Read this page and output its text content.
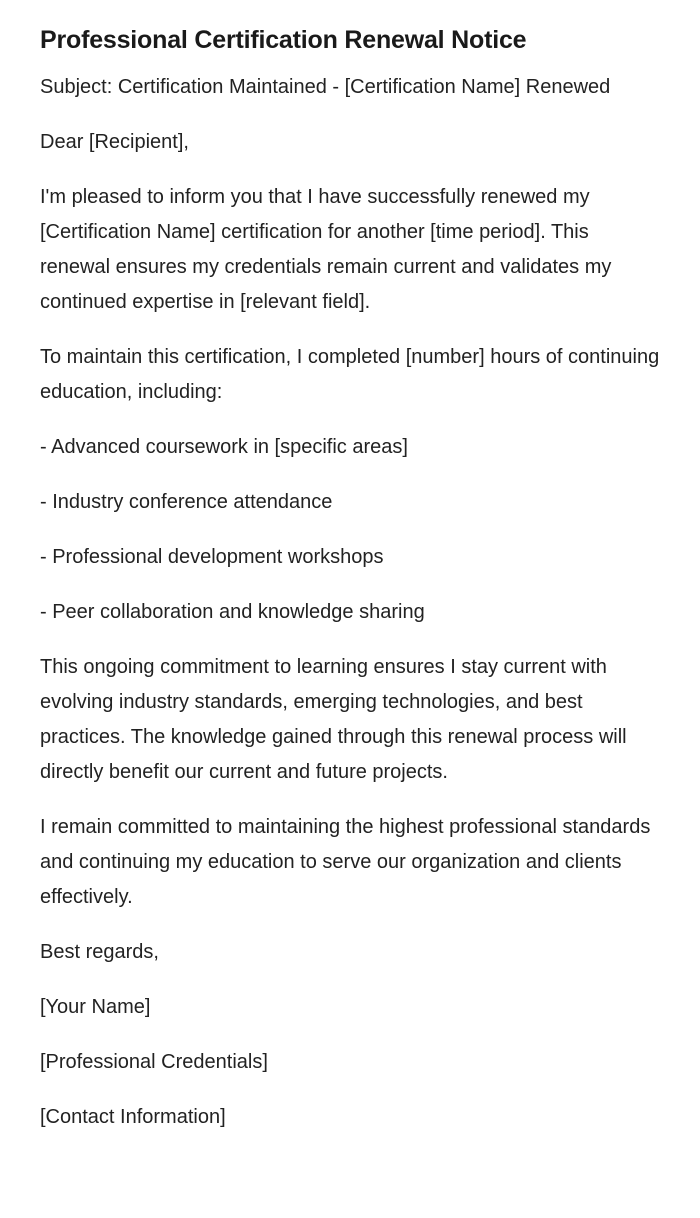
Professional Certification Renewal Notice

Subject: Certification Maintained - [Certification Name] Renewed

Dear [Recipient],

I'm pleased to inform you that I have successfully renewed my [Certification Name] certification for another [time period]. This renewal ensures my credentials remain current and validates my continued expertise in [relevant field].

To maintain this certification, I completed [number] hours of continuing education, including:

- Advanced coursework in [specific areas]

- Industry conference attendance

- Professional development workshops

- Peer collaboration and knowledge sharing

This ongoing commitment to learning ensures I stay current with evolving industry standards, emerging technologies, and best practices. The knowledge gained through this renewal process will directly benefit our current and future projects.

I remain committed to maintaining the highest professional standards and continuing my education to serve our organization and clients effectively.

Best regards,

[Your Name]

[Professional Credentials]

[Contact Information]
